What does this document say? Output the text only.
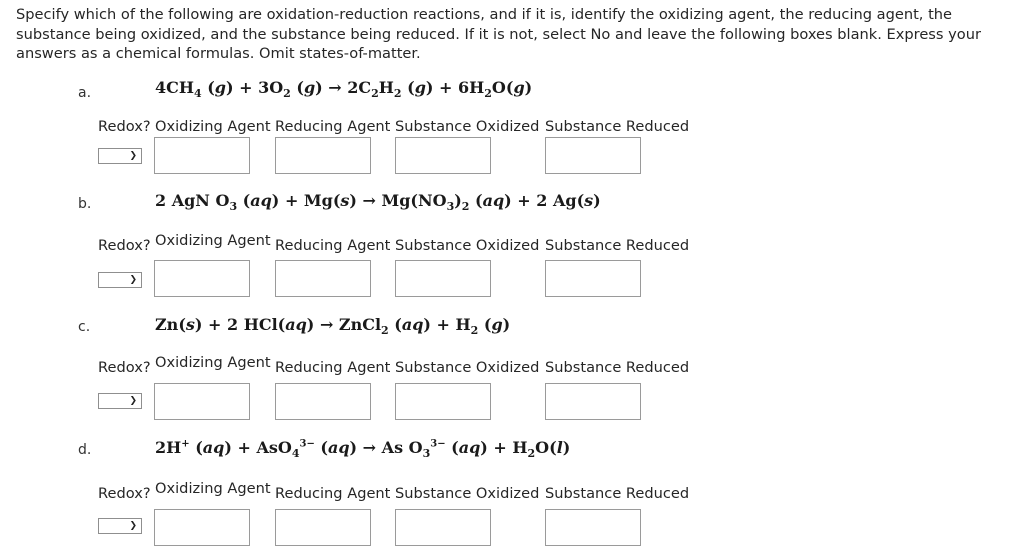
Specify which of the following are oxidation-reduction reactions, and if it is, identify the oxidizing agent, the reducing agent, the substance being oxidized, and the substance being reduced. If it is not, select No and leave the following boxes blank. Express your answers as a chemical formulas. Omit states-of-matter.
a.	$4CH_4$ $(g) + 3O_2$ $(g) \to 2C_2H_2$ $(g) + 6H_2O(g)$
Redox? Oxidizing Agent Reducing Agent Substance Oxidized Substance Reduced
❯
b.	2 AgN $O_3$ $(aq) + Mg(s) \to Mg(NO_3)_2$ (aq) + 2 Ag(s)
Redox? Oxidizing Agent Reducing Agent Substance Oxidized Substance Reduced
❯
c.	Zn(s) + 2 HCl(aq) → ZnCl$_2$ $(aq) + H_2$ (g)
Redox? Oxidizing Agent Reducing Agent Substance Oxidized Substance Reduced
❯
d.	2H+ (aq) + AsO$_4^{3-}$ (aq) → As $O_3^{3-}$ $(aq) + H_2O(l)$
Redox? Oxidizing Agent Reducing Agent Substance Oxidized Substance Reduced
❯
